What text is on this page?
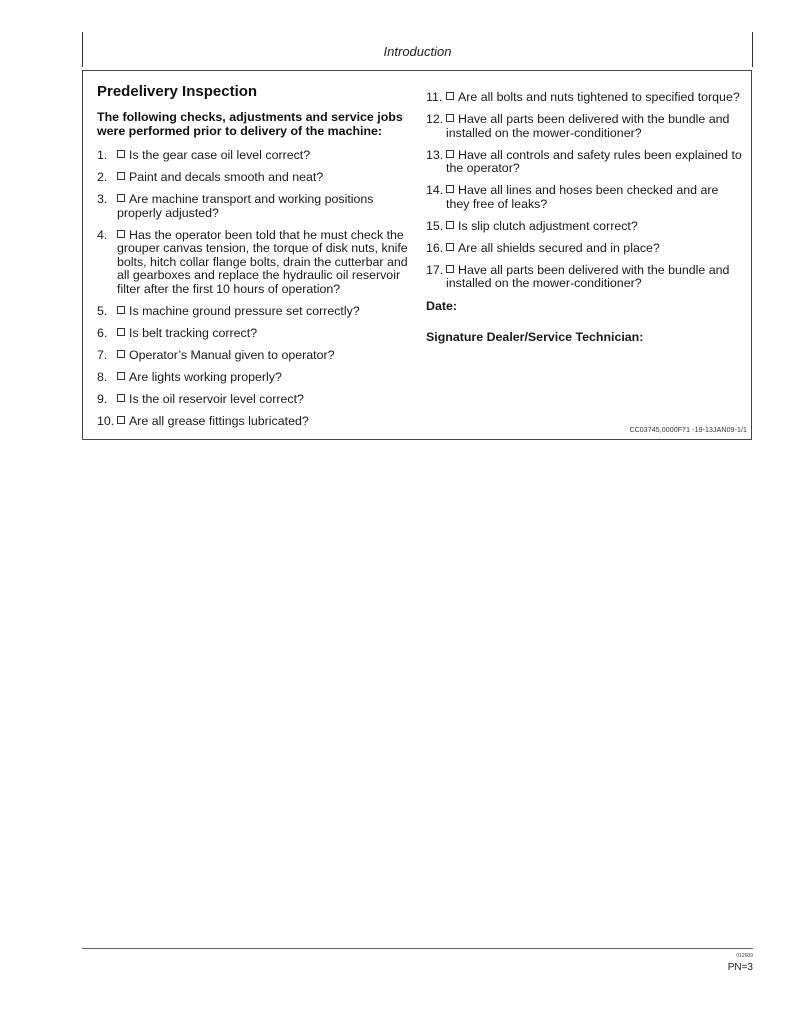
Introduction
Predelivery Inspection
The following checks, adjustments and service jobs were performed prior to delivery of the machine:
1.	Is the gear case oil level correct?
2.	Paint and decals smooth and neat?
3.	Are machine transport and working positions properly adjusted?
4.	Has the operator been told that he must check the grouper canvas tension, the torque of disk nuts, knife bolts, hitch collar flange bolts, drain the cutterbar and all gearboxes and replace the hydraulic oil reservoir filter after the first 10 hours of operation?
5.	Is machine ground pressure set correctly?
6.	Is belt tracking correct?
7.	Operator’s Manual given to operator?
8.	Are lights working properly?
9.	Is the oil reservoir level correct?
10.	Are all grease fittings lubricated?
11.	Are all bolts and nuts tightened to specified torque?
12.	Have all parts been delivered with the bundle and installed on the mower-conditioner?
13.	Have all controls and safety rules been explained to the operator?
14.	Have all lines and hoses been checked and are they free of leaks?
15.	Is slip clutch adjustment correct?
16.	Are all shields secured and in place?
17.	Have all parts been delivered with the bundle and installed on the mower-conditioner?
Date:
Signature Dealer/Service Technician:
CC03745,0000F71 -19-13JAN09-1/1
012609
PN=3
